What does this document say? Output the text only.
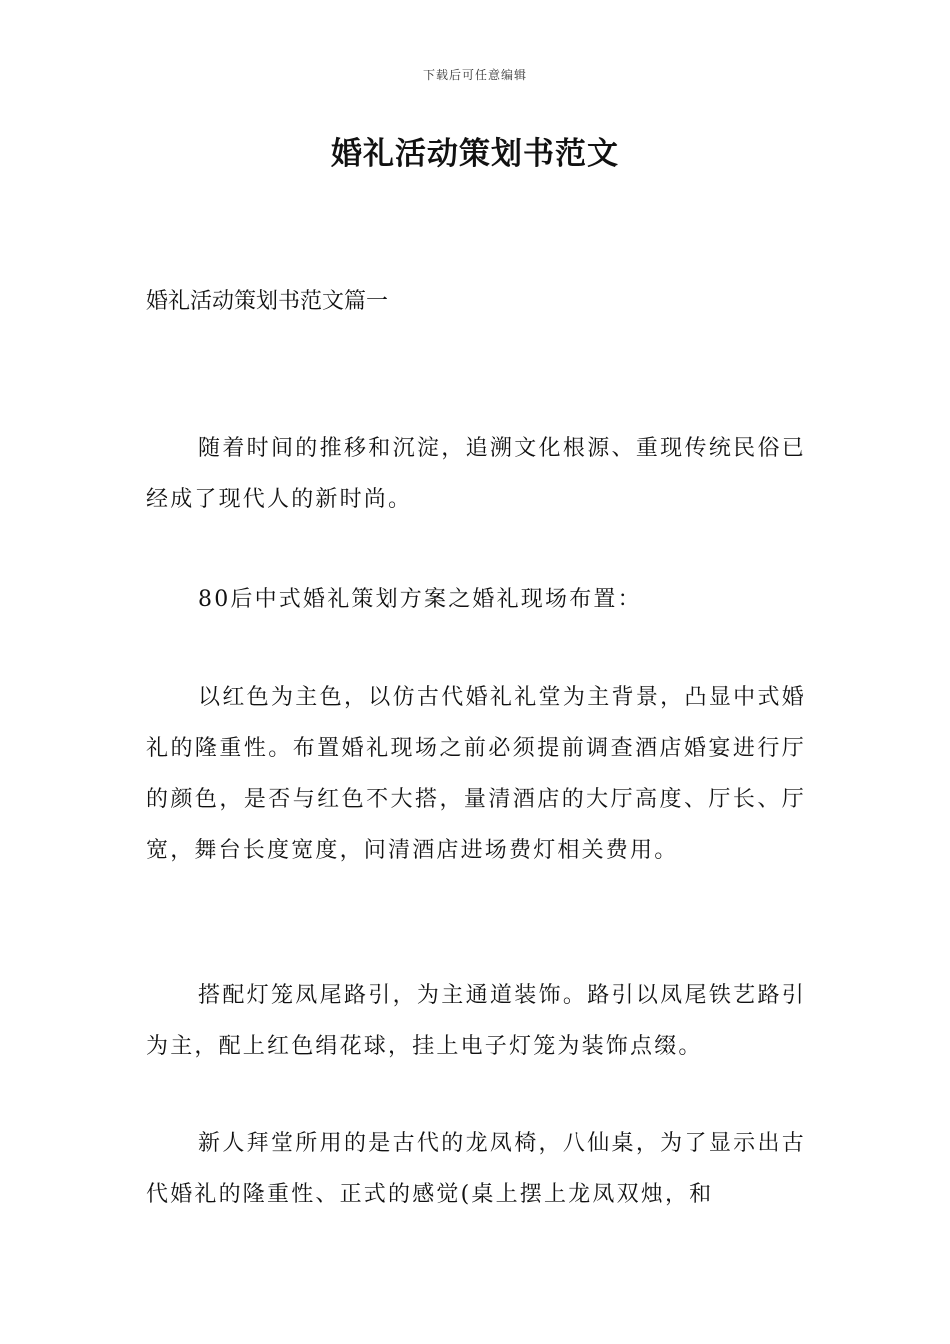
下载后可任意编辑
婚礼活动策划书范文
婚礼活动策划书范文篇一

随着时间的推移和沉淀，追溯文化根源、重现传统民俗已经成了现代人的新时尚。

80后中式婚礼策划方案之婚礼现场布置：

以红色为主色，以仿古代婚礼礼堂为主背景，凸显中式婚礼的隆重性。布置婚礼现场之前必须提前调查酒店婚宴进行厅的颜色，是否与红色不大搭，量清酒店的大厅高度、厅长、厅宽，舞台长度宽度，问清酒店进场费灯相关费用。

搭配灯笼凤尾路引，为主通道装饰。路引以凤尾铁艺路引为主，配上红色绢花球，挂上电子灯笼为装饰点缀。

新人拜堂所用的是古代的龙凤椅，八仙桌，为了显示出古代婚礼的隆重性、正式的感觉(桌上摆上龙凤双烛，和
